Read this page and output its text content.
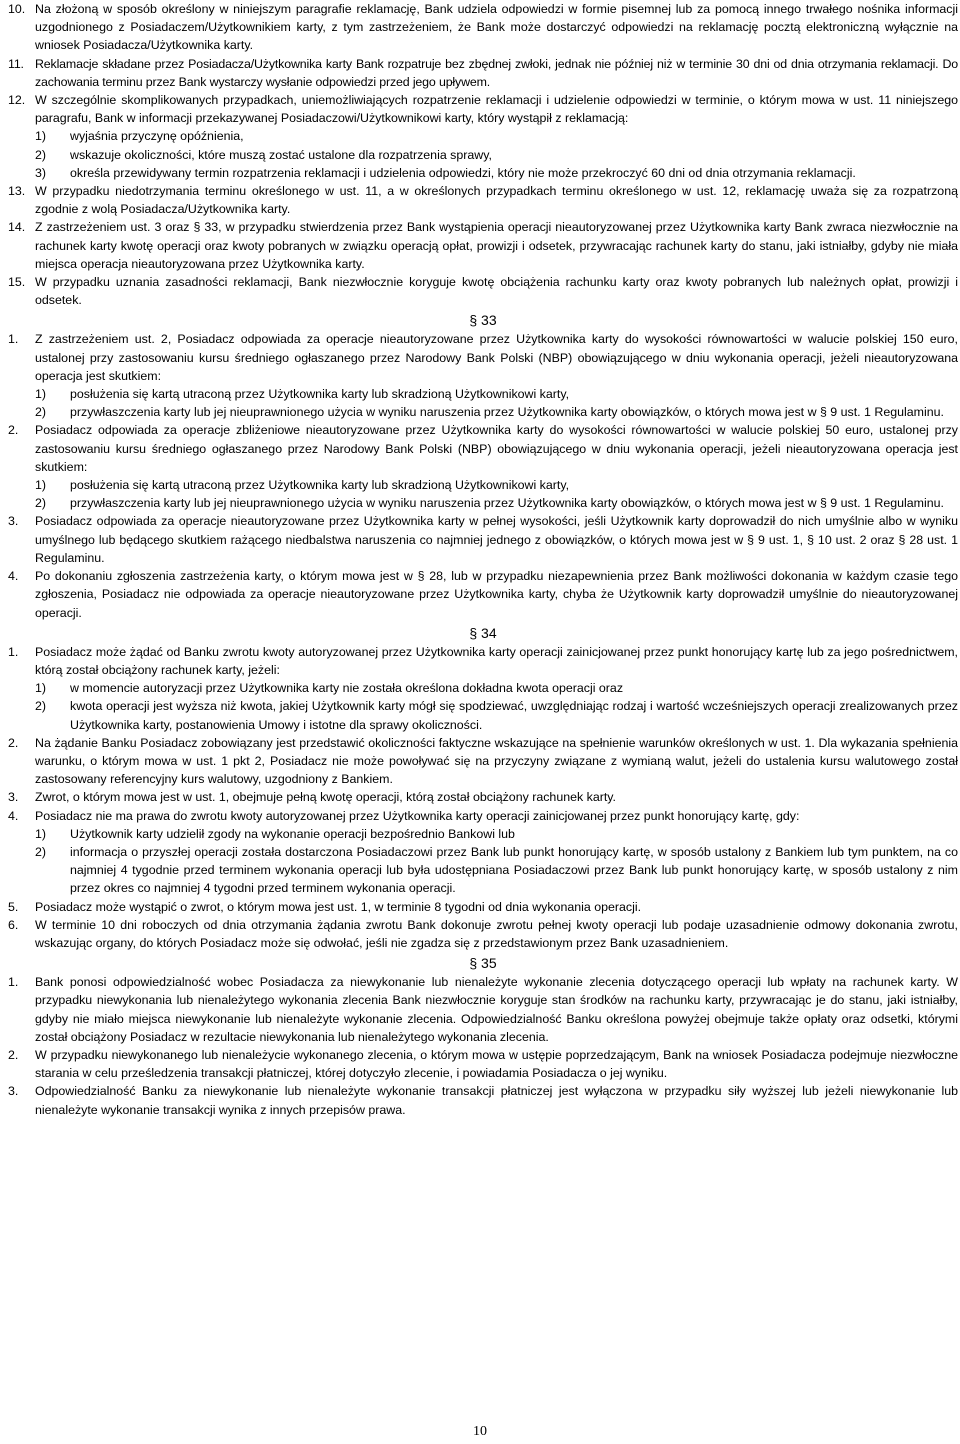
10. Na złożoną w sposób określony w niniejszym paragrafie reklamację, Bank udziela odpowiedzi w formie pisemnej lub za pomocą innego trwałego nośnika informacji uzgodnionego z Posiadaczem/Użytkownikiem karty, z tym zastrzeżeniem, że Bank może dostarczyć odpowiedzi na reklamację pocztą elektroniczną wyłącznie na wniosek Posiadacza/Użytkownika karty.
11. Reklamacje składane przez Posiadacza/Użytkownika karty Bank rozpatruje bez zbędnej zwłoki, jednak nie później niż w terminie 30 dni od dnia otrzymania reklamacji. Do zachowania terminu przez Bank wystarczy wysłanie odpowiedzi przed jego upływem.
12. W szczególnie skomplikowanych przypadkach, uniemożliwiających rozpatrzenie reklamacji i udzielenie odpowiedzi w terminie, o którym mowa w ust. 11 niniejszego paragrafu, Bank w informacji przekazywanej Posiadaczowi/Użytkownikowi karty, który wystąpił z reklamacją:
1) wyjaśnia przyczynę opóźnienia,
2) wskazuje okoliczności, które muszą zostać ustalone dla rozpatrzenia sprawy,
3) określa przewidywany termin rozpatrzenia reklamacji i udzielenia odpowiedzi, który nie może przekroczyć 60 dni od dnia otrzymania reklamacji.
13. W przypadku niedotrzymania terminu określonego w ust. 11, a w określonych przypadkach terminu określonego w ust. 12, reklamację uważa się za rozpatrzoną zgodnie z wolą Posiadacza/Użytkownika karty.
14. Z zastrzeżeniem ust. 3 oraz § 33, w przypadku stwierdzenia przez Bank wystąpienia operacji nieautoryzowanej przez Użytkownika karty Bank zwraca niezwłocznie na rachunek karty kwotę operacji oraz kwoty pobranych w związku operacją opłat, prowizji i odsetek, przywracając rachunek karty do stanu, jaki istniałby, gdyby nie miała miejsca operacja nieautoryzowana przez Użytkownika karty.
15. W przypadku uznania zasadności reklamacji, Bank niezwłocznie koryguje kwotę obciążenia rachunku karty oraz kwoty pobranych lub należnych opłat, prowizji i odsetek.
§ 33
1. Z zastrzeżeniem ust. 2, Posiadacz odpowiada za operacje nieautoryzowane przez Użytkownika karty do wysokości równowartości w walucie polskiej 150 euro, ustalonej przy zastosowaniu kursu średniego ogłaszanego przez Narodowy Bank Polski (NBP) obowiązującego w dniu wykonania operacji, jeżeli nieautoryzowana operacja jest skutkiem:
1) posłużenia się kartą utraconą przez Użytkownika karty lub skradzioną Użytkownikowi karty,
2) przywłaszczenia karty lub jej nieuprawnionego użycia w wyniku naruszenia przez Użytkownika karty obowiązków, o których mowa jest w § 9 ust. 1 Regulaminu.
2. Posiadacz odpowiada za operacje zbliżeniowe nieautoryzowane przez Użytkownika karty do wysokości równowartości w walucie polskiej 50 euro, ustalonej przy zastosowaniu kursu średniego ogłaszanego przez Narodowy Bank Polski (NBP) obowiązującego w dniu wykonania operacji, jeżeli nieautoryzowana operacja jest skutkiem:
1) posłużenia się kartą utraconą przez Użytkownika karty lub skradzioną Użytkownikowi karty,
2) przywłaszczenia karty lub jej nieuprawnionego użycia w wyniku naruszenia przez Użytkownika karty obowiązków, o których mowa jest w § 9 ust. 1 Regulaminu.
3. Posiadacz odpowiada za operacje nieautoryzowane przez Użytkownika karty w pełnej wysokości, jeśli Użytkownik karty doprowadził do nich umyślnie albo w wyniku umyślnego lub będącego skutkiem rażącego niedbalstwa naruszenia co najmniej jednego z obowiązków, o których mowa jest w § 9 ust. 1, § 10 ust. 2 oraz § 28 ust. 1 Regulaminu.
4. Po dokonaniu zgłoszenia zastrzeżenia karty, o którym mowa jest w § 28, lub w przypadku niezapewnienia przez Bank możliwości dokonania w każdym czasie tego zgłoszenia, Posiadacz nie odpowiada za operacje nieautoryzowane przez Użytkownika karty, chyba że Użytkownik karty doprowadził umyślnie do nieautoryzowanej operacji.
§ 34
1. Posiadacz może żądać od Banku zwrotu kwoty autoryzowanej przez Użytkownika karty operacji zainicjowanej przez punkt honorujący kartę lub za jego pośrednictwem, którą został obciążony rachunek karty, jeżeli:
1) w momencie autoryzacji przez Użytkownika karty nie została określona dokładna kwota operacji oraz
2) kwota operacji jest wyższa niż kwota, jakiej Użytkownik karty mógł się spodziewać, uwzględniając rodzaj i wartość wcześniejszych operacji zrealizowanych przez Użytkownika karty, postanowienia Umowy i istotne dla sprawy okoliczności.
2. Na żądanie Banku Posiadacz zobowiązany jest przedstawić okoliczności faktyczne wskazujące na spełnienie warunków określonych w ust. 1. Dla wykazania spełnienia warunku, o którym mowa w ust. 1 pkt 2, Posiadacz nie może powoływać się na przyczyny związane z wymianą walut, jeżeli do ustalenia kursu walutowego został zastosowany referencyjny kurs walutowy, uzgodniony z Bankiem.
3. Zwrot, o którym mowa jest w ust. 1, obejmuje pełną kwotę operacji, którą został obciążony rachunek karty.
4. Posiadacz nie ma prawa do zwrotu kwoty autoryzowanej przez Użytkownika karty operacji zainicjowanej przez punkt honorujący kartę, gdy:
1) Użytkownik karty udzielił zgody na wykonanie operacji bezpośrednio Bankowi lub
2) informacja o przyszłej operacji została dostarczona Posiadaczowi przez Bank lub punkt honorujący kartę, w sposób ustalony z Bankiem lub tym punktem, na co najmniej 4 tygodnie przed terminem wykonania operacji lub była udostępniana Posiadaczowi przez Bank lub punkt honorujący kartę, w sposób ustalony z nim przez okres co najmniej 4 tygodni przed terminem wykonania operacji.
5. Posiadacz może wystąpić o zwrot, o którym mowa jest ust. 1, w terminie 8 tygodni od dnia wykonania operacji.
6. W terminie 10 dni roboczych od dnia otrzymania żądania zwrotu Bank dokonuje zwrotu pełnej kwoty operacji lub podaje uzasadnienie odmowy dokonania zwrotu, wskazując organy, do których Posiadacz może się odwołać, jeśli nie zgadza się z przedstawionym przez Bank uzasadnieniem.
§ 35
1. Bank ponosi odpowiedzialność wobec Posiadacza za niewykonanie lub nienależyte wykonanie zlecenia dotyczącego operacji lub wpłaty na rachunek karty. W przypadku niewykonania lub nienależytego wykonania zlecenia Bank niezwłocznie koryguje stan środków na rachunku karty, przywracając je do stanu, jaki istniałby, gdyby nie miało miejsca niewykonanie lub nienależyte wykonanie zlecenia. Odpowiedzialność Banku określona powyżej obejmuje także opłaty oraz odsetki, którymi został obciążony Posiadacz w rezultacie niewykonania lub nienależytego wykonania zlecenia.
2. W przypadku niewykonanego lub nienależycie wykonanego zlecenia, o którym mowa w ustępie poprzedzającym, Bank na wniosek Posiadacza podejmuje niezwłoczne starania w celu prześledzenia transakcji płatniczej, której dotyczyło zlecenie, i powiadamia Posiadacza o jej wyniku.
3. Odpowiedzialność Banku za niewykonanie lub nienależyte wykonanie transakcji płatniczej jest wyłączona w przypadku siły wyższej lub jeżeli niewykonanie lub nienależyte wykonanie transakcji wynika z innych przepisów prawa.
10
